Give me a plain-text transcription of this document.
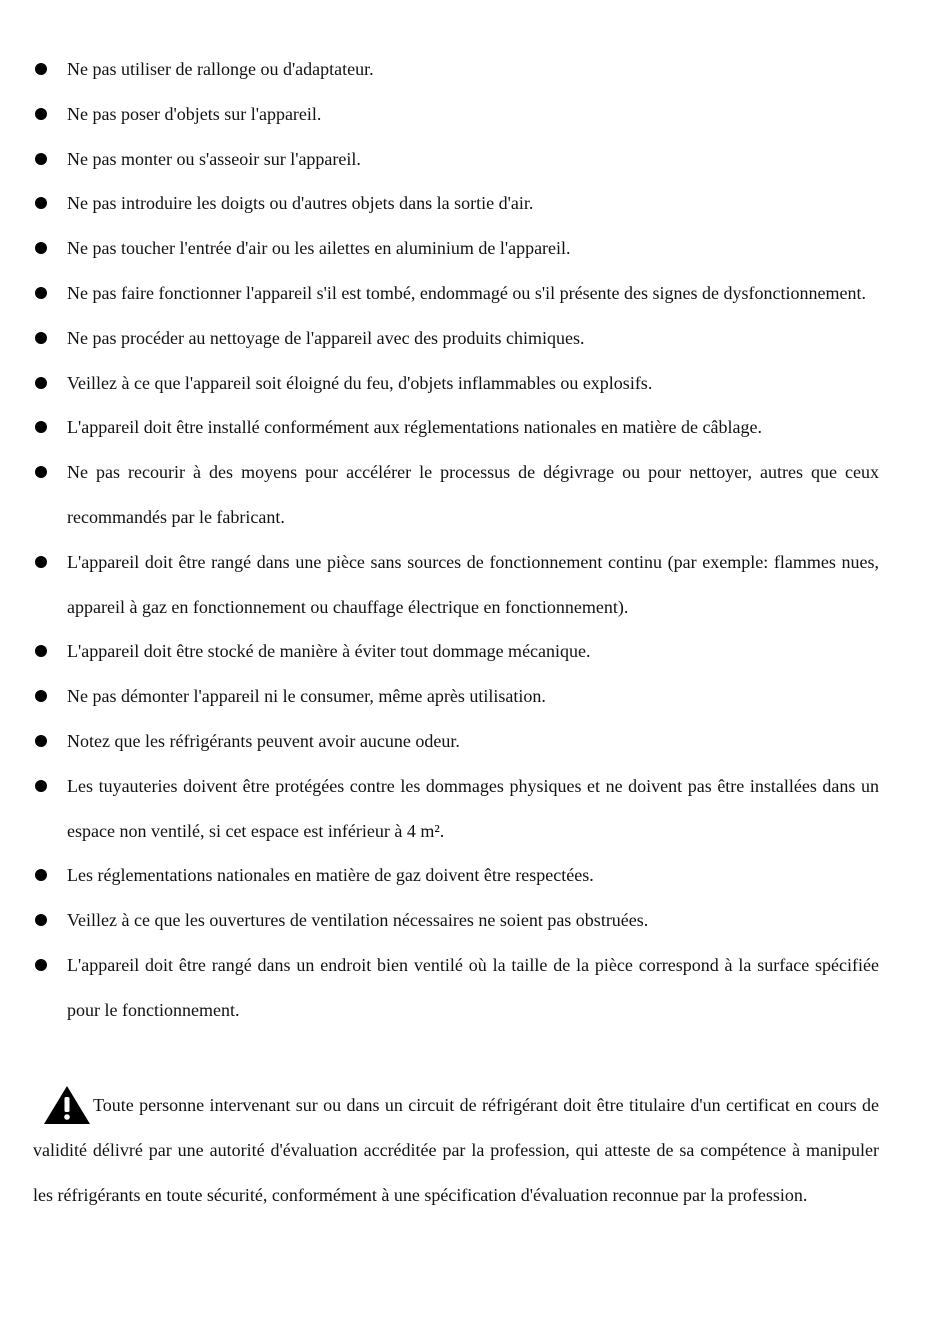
Ne pas utiliser de rallonge ou d'adaptateur.
Ne pas poser d'objets sur l'appareil.
Ne pas monter ou s'asseoir sur l'appareil.
Ne pas introduire les doigts ou d'autres objets dans la sortie d'air.
Ne pas toucher l'entrée d'air ou les ailettes en aluminium de l'appareil.
Ne pas faire fonctionner l'appareil s'il est tombé, endommagé ou s'il présente des signes de dysfonctionnement.
Ne pas procéder au nettoyage de l'appareil avec des produits chimiques.
Veillez à ce que l'appareil soit éloigné du feu, d'objets inflammables ou explosifs.
L'appareil doit être installé conformément aux réglementations nationales en matière de câblage.
Ne pas recourir à des moyens pour accélérer le processus de dégivrage ou pour nettoyer, autres que ceux recommandés par le fabricant.
L'appareil doit être rangé dans une pièce sans sources de fonctionnement continu (par exemple: flammes nues, appareil à gaz en fonctionnement ou chauffage électrique en fonctionnement).
L'appareil doit être stocké de manière à éviter tout dommage mécanique.
Ne pas démonter l'appareil ni le consumer, même après utilisation.
Notez que les réfrigérants peuvent avoir aucune odeur.
Les tuyauteries doivent être protégées contre les dommages physiques et ne doivent pas être installées dans un espace non ventilé, si cet espace est inférieur à 4 m².
Les réglementations nationales en matière de gaz doivent être respectées.
Veillez à ce que les ouvertures de ventilation nécessaires ne soient pas obstruées.
L'appareil doit être rangé dans un endroit bien ventilé où la taille de la pièce correspond à la surface spécifiée pour le fonctionnement.
Toute personne intervenant sur ou dans un circuit de réfrigérant doit être titulaire d'un certificat en cours de validité délivré par une autorité d'évaluation accréditée par la profession, qui atteste de sa compétence à manipuler les réfrigérants en toute sécurité, conformément à une spécification d'évaluation reconnue par la profession.
